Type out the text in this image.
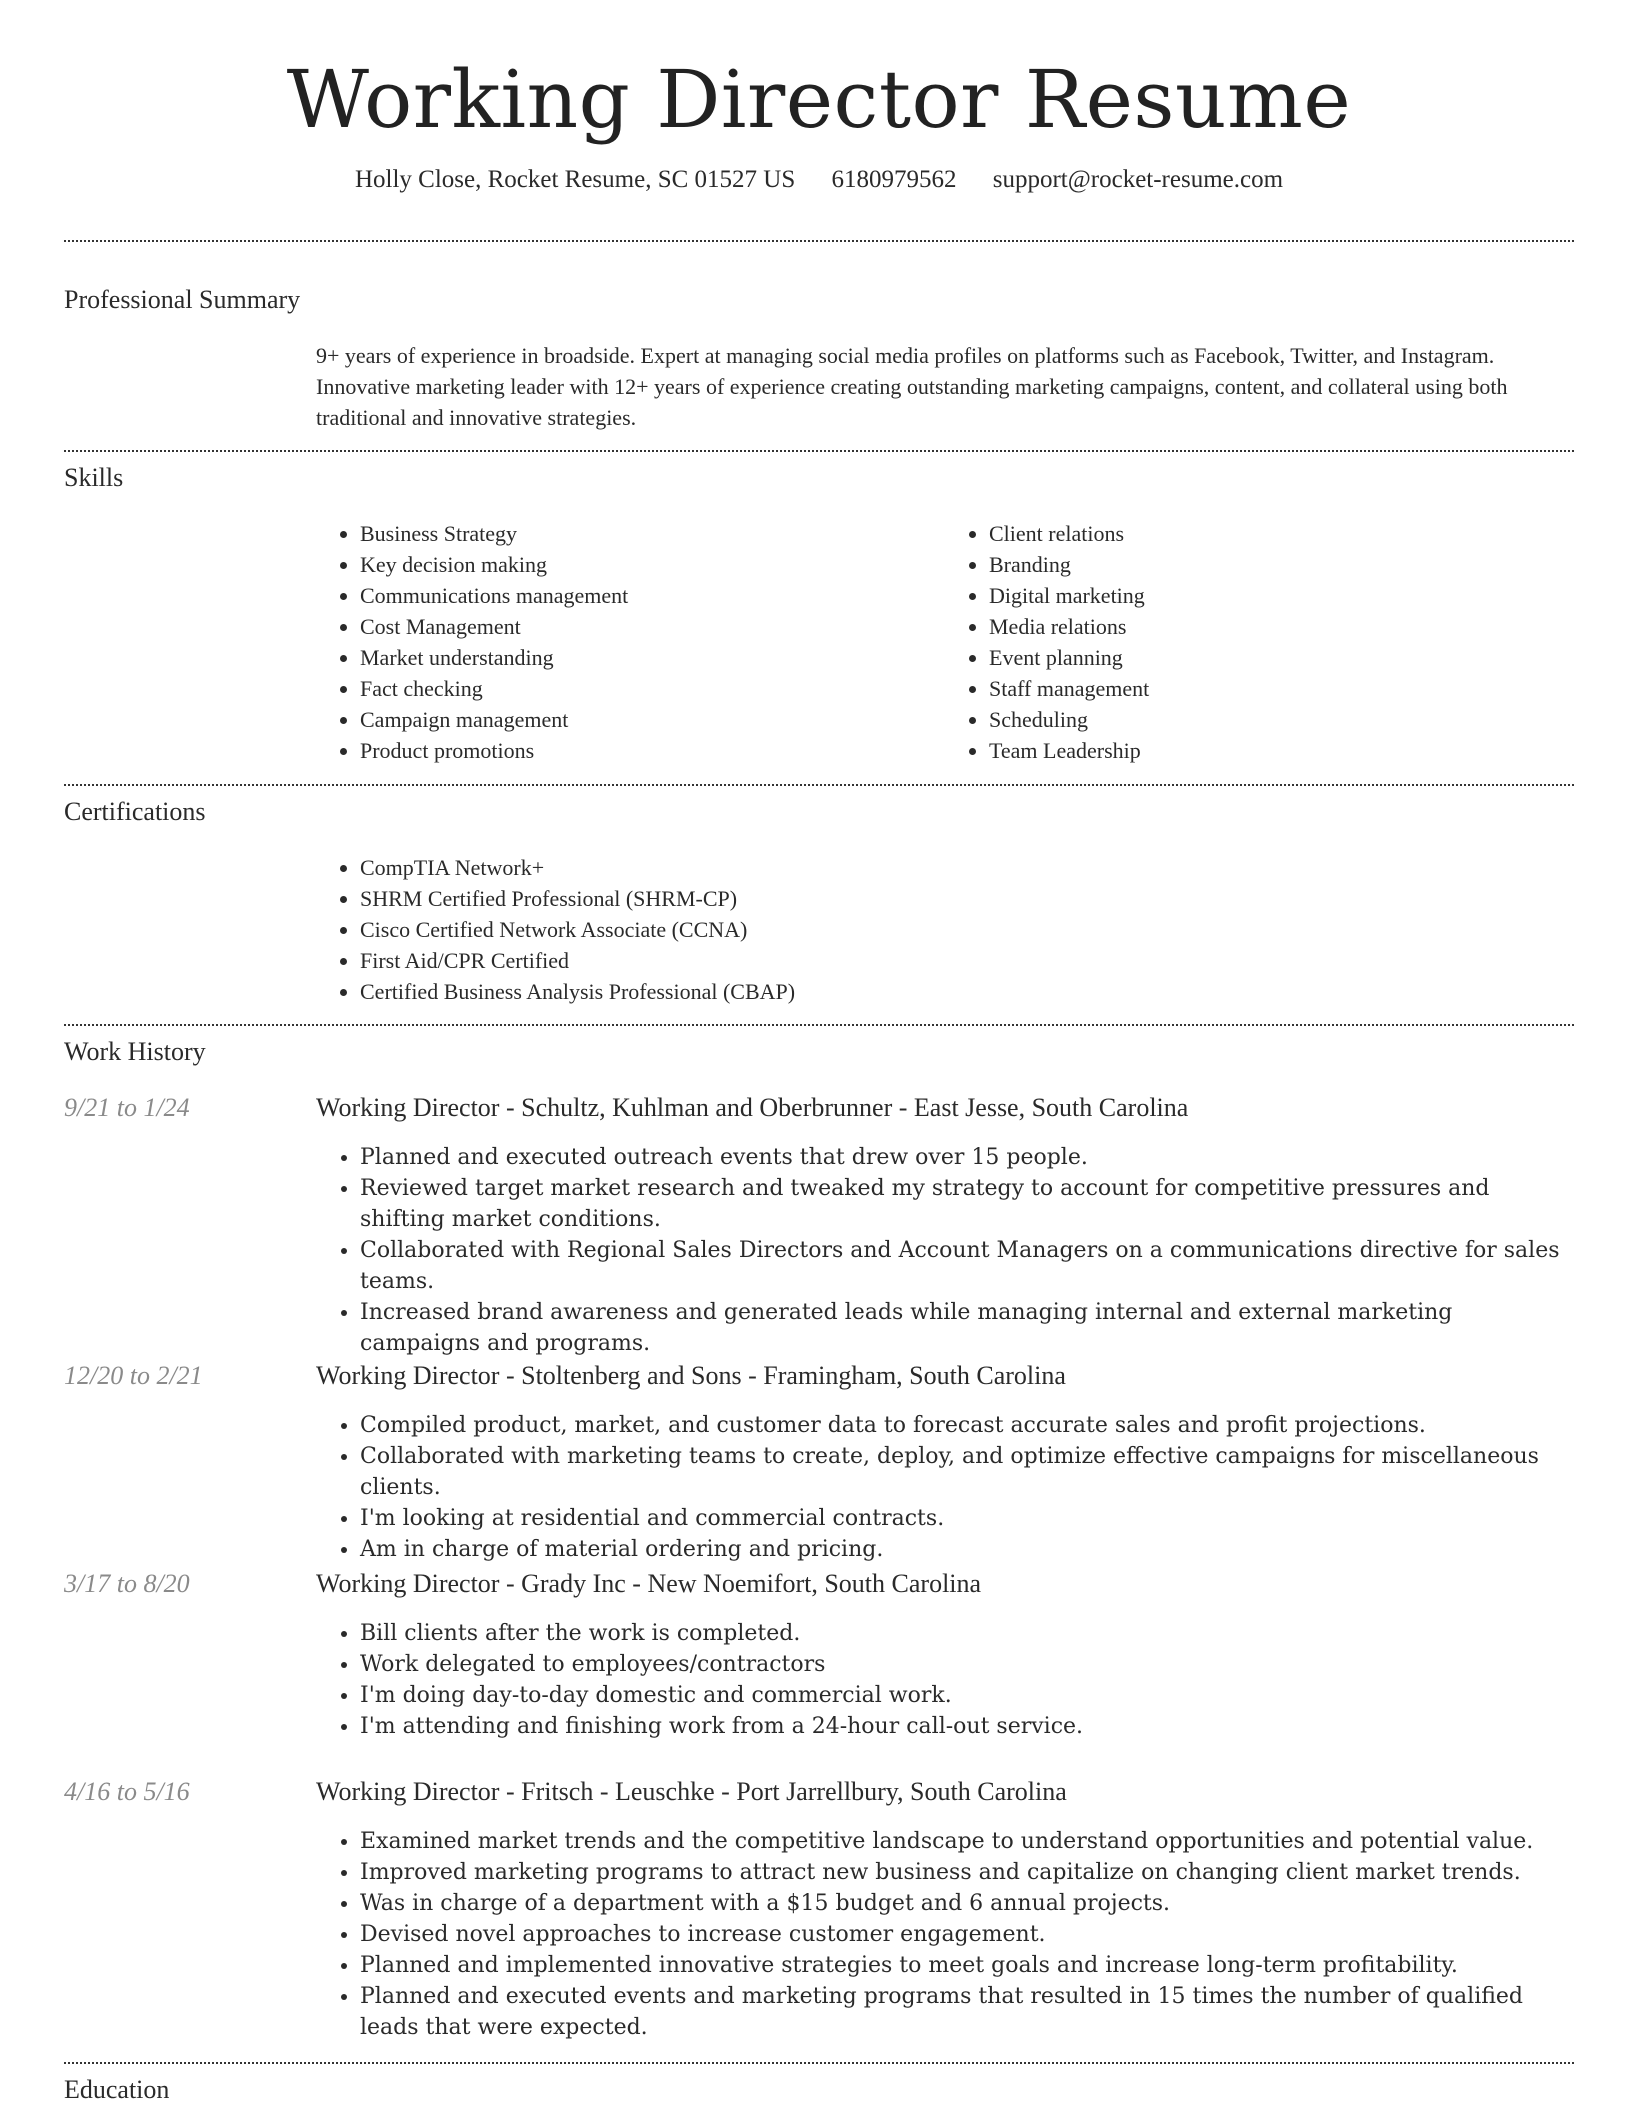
Working Director Resume
Holly Close, Rocket Resume, SC 01527 US 6180979562 support@rocket-resume.com
Professional Summary

9+ years of experience in broadside. Expert at managing social media profiles on platforms such as Facebook, Twitter, and Instagram. Innovative marketing leader with 12+ years of experience creating outstanding marketing campaigns, content, and collateral using both traditional and innovative strategies.

Skills
• Business Strategy
• Key decision making
• Communications management
• Cost Management
• Market understanding
• Fact checking
• Campaign management
• Product promotions
• Client relations
• Branding
• Digital marketing
• Media relations
• Event planning
• Staff management
• Scheduling
• Team Leadership
Certifications
• CompTIA Network+
• SHRM Certified Professional (SHRM-CP)
• Cisco Certified Network Associate (CCNA)
• First Aid/CPR Certified
• Certified Business Analysis Professional (CBAP)
Work History
9/21 to 1/24	Working Director - Schultz, Kuhlman and Oberbrunner - East Jesse, South Carolina
• Planned and executed outreach events that drew over 15 people.
• Reviewed target market research and tweaked my strategy to account for competitive pressures and shifting market conditions.
• Collaborated with Regional Sales Directors and Account Managers on a communications directive for sales teams.
• Increased brand awareness and generated leads while managing internal and external marketing campaigns and programs.
12/20 to 2/21	Working Director - Stoltenberg and Sons - Framingham, South Carolina
• Compiled product, market, and customer data to forecast accurate sales and profit projections.
• Collaborated with marketing teams to create, deploy, and optimize effective campaigns for miscellaneous clients.
• I'm looking at residential and commercial contracts.
• Am in charge of material ordering and pricing.
3/17 to 8/20	Working Director - Grady Inc - New Noemifort, South Carolina
• Bill clients after the work is completed.
• Work delegated to employees/contractors
• I'm doing day-to-day domestic and commercial work.
• I'm attending and finishing work from a 24-hour call-out service.
4/16 to 5/16	Working Director - Fritsch - Leuschke - Port Jarrellbury, South Carolina
• Examined market trends and the competitive landscape to understand opportunities and potential value.
• Improved marketing programs to attract new business and capitalize on changing client market trends.
• Was in charge of a department with a $15 budget and 6 annual projects.
• Devised novel approaches to increase customer engagement.
• Planned and implemented innovative strategies to meet goals and increase long-term profitability.
• Planned and executed events and marketing programs that resulted in 15 times the number of qualified leads that were expected.
Education
